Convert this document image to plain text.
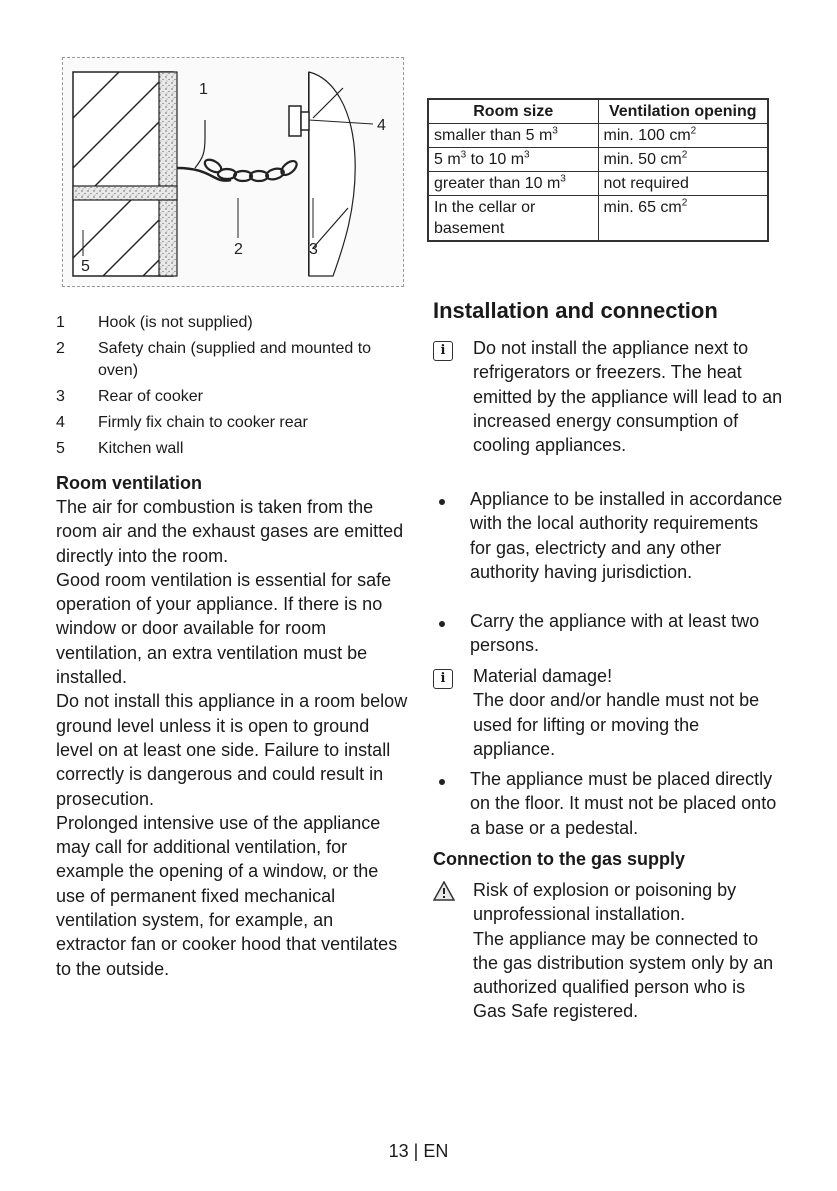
1
2	3
4
5
1	Hook (is not supplied)
2	Safety chain (supplied and mounted to oven)
3	Rear of cooker
4	Firmly fix chain to cooker rear
5	Kitchen wall
Room ventilation
The air for combustion is taken from the room air and the exhaust gases are emitted directly into the room.
Good room ventilation is essential for safe operation of your appliance. If there is no window or door available for room ventilation, an extra ventilation must be installed.
Do not install this appliance in a room below ground level unless it is open to ground level on at least one side. Failure to install correctly is dangerous and could result in prosecution.
Prolonged intensive use of the appliance may call for additional ventilation, for example the opening of a window, or the use of permanent fixed mechanical ventilation system, for example, an extractor fan or cooker hood that ventilates to the outside.
Room size	Ventilation opening
smaller than 5 $m^3$	min. 100 $cm^2$
5 $m^3$ to 10 $m^3$	min. 50 $cm^2$
greater than 10 $m^3$	not required
In the cellar or basement	min. 65 $cm^2$
Installation and connection
i	Do not install the appliance next to refrigerators or freezers. The heat emitted by the appliance will lead to an increased energy consumption of cooling appliances.
Appliance to be installed in accordance with the local authority requirements for gas, electricty and any other authority having jurisdiction.
Carry the appliance with at least two persons.
i	Material damage!
The door and/or handle must not be used for lifting or moving the appliance.
The appliance must be placed directly on the floor. It must not be placed onto a base or a pedestal.
Connection to the gas supply
Risk of explosion or poisoning by unprofessional installation.
The appliance may be connected to the gas distribution system only by an authorized qualified person who is Gas Safe registered.
13 | EN
